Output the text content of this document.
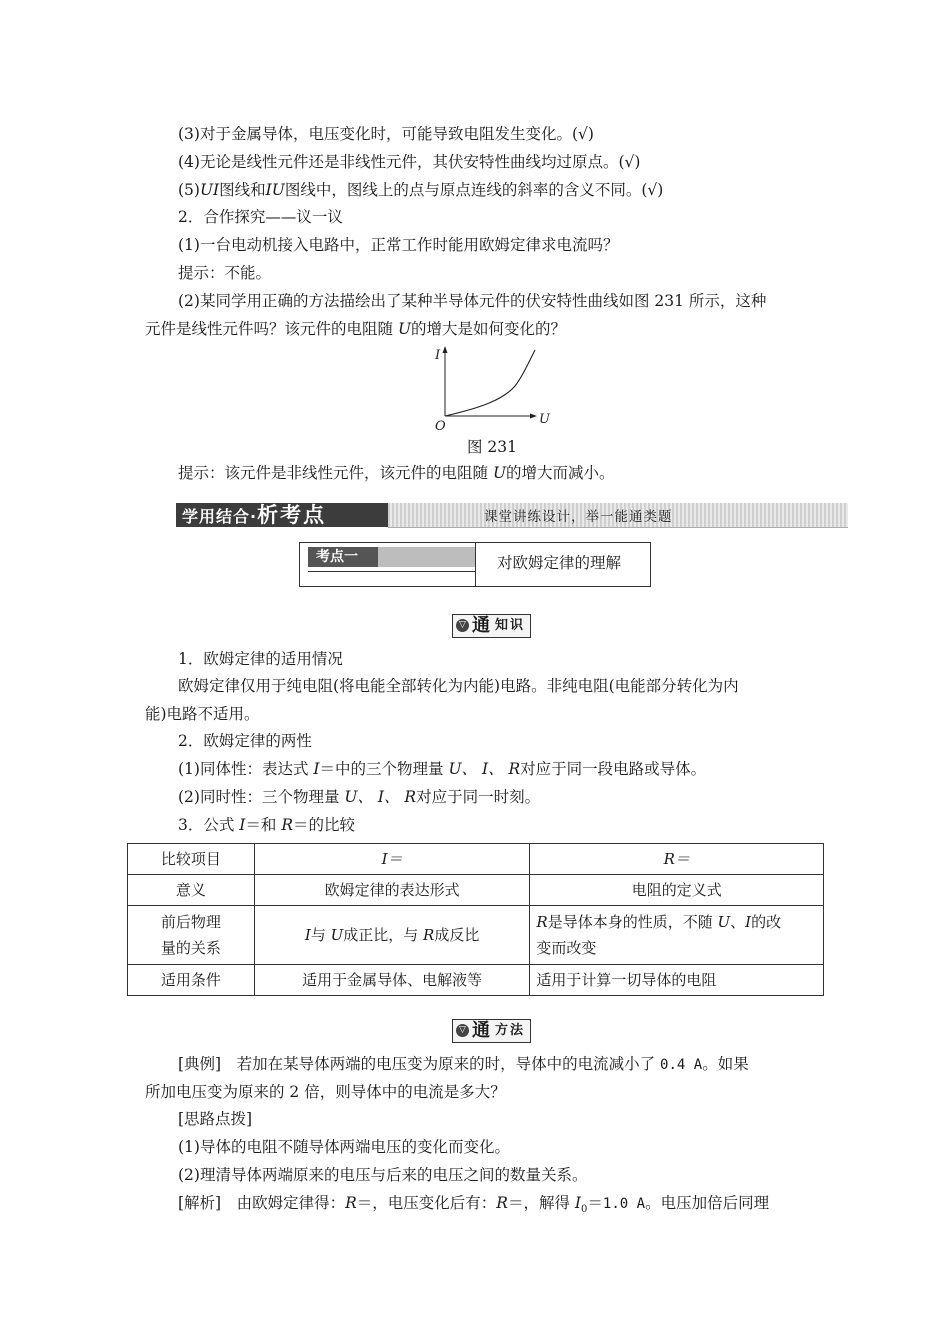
(3)对于金属导体，电压变化时，可能导致电阻发生变化。(√)
(4)无论是线性元件还是非线性元件，其伏安特性曲线均过原点。(√)
(5)UI图线和IU图线中，图线上的点与原点连线的斜率的含义不同。(√)
2．合作探究——议一议
(1)一台电动机接入电路中，正常工作时能用欧姆定律求电流吗？
提示：不能。
(2)某同学用正确的方法描绘出了某种半导体元件的伏安特性曲线如图 231 所示，这种
元件是线性元件吗？该元件的电阻随 U的增大是如何变化的？
I
U
O
图 231
提示：该元件是非线性元件，该元件的电阻随 U的增大而减小。
学用结合·析考点	课堂讲练设计，举一能通类题
考点一	对欧姆定律的理解
▽ 通 知识
1．欧姆定律的适用情况
欧姆定律仅用于纯电阻(将电能全部转化为内能)电路。非纯电阻(电能部分转化为内
能)电路不适用。
2．欧姆定律的两性
(1)同体性：表达式 I＝中的三个物理量 U、 I、 R对应于同一段电路或导体。
(2)同时性：三个物理量 U、 I、 R对应于同一时刻。
3．公式 I＝和 R＝的比较
比较项目	I＝	R＝
意义	欧姆定律的表达形式	电阻的定义式
前后物理
量的关系	I与 U成正比，与 R成反比	R是导体本身的性质，不随 U、I的改
变而改变
适用条件	适用于金属导体、电解液等	适用于计算一切导体的电阻
▽ 通 方法
[典例]　若加在某导体两端的电压变为原来的时，导体中的电流减小了 0.4 A。如果
所加电压变为原来的 2 倍，则导体中的电流是多大？
[思路点拨]
(1)导体的电阻不随导体两端电压的变化而变化。
(2)理清导体两端原来的电压与后来的电压之间的数量关系。
[解析]　由欧姆定律得：R＝，电压变化后有：R＝，解得 $I_0=1.0$ A。电压加倍后同理
